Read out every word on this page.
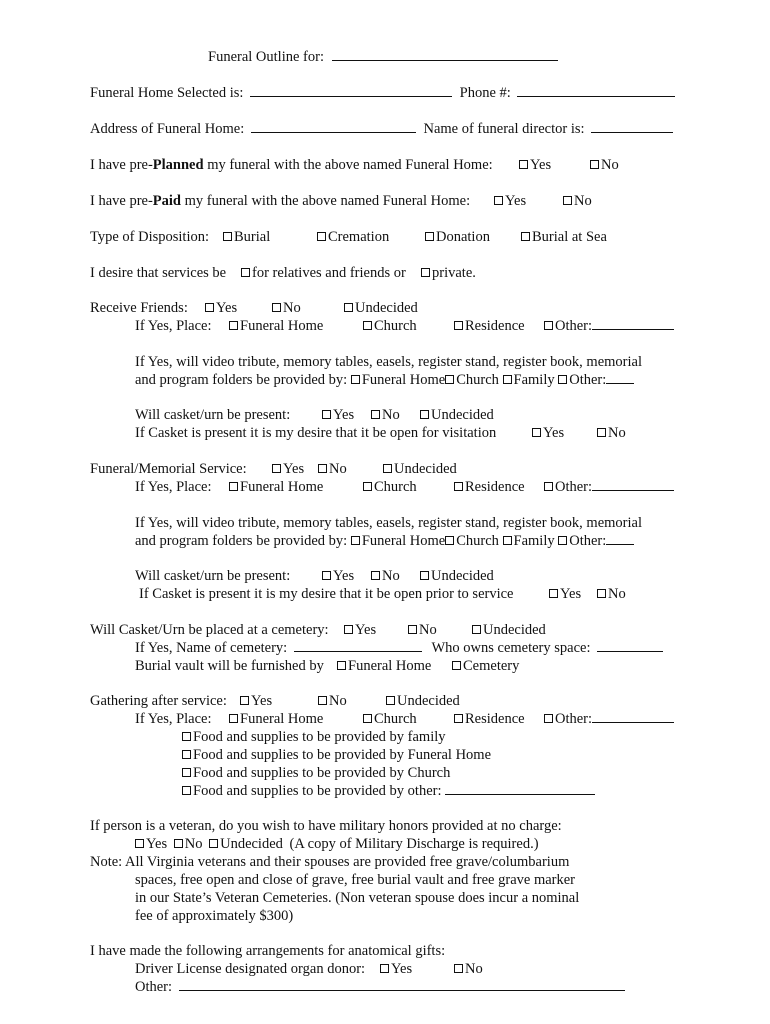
Funeral Outline for:
Funeral Home Selected is:	Phone #:
Address of Funeral Home:	Name of funeral director is:
I have pre-Planned my funeral with the above named Funeral Home:	Yes	No
I have pre-Paid my funeral with the above named Funeral Home:	Yes	No
Type of Disposition:	Burial	Cremation	Donation	Burial at Sea
I desire that services be	for relatives and friends or	private.
Receive Friends:	Yes	No	Undecided
If Yes, Place:	Funeral Home	Church	Residence	Other:
If Yes, will video tribute, memory tables, easels, register stand, register book, memorial
and program folders be provided by: Funeral Home Church Family Other:
Will casket/urn be present:	Yes	No	Undecided
If Casket is present it is my desire that it be open for visitation	Yes	No
Funeral/Memorial Service:	Yes	No	Undecided
If Yes, Place:	Funeral Home	Church	Residence	Other:
If Yes, will video tribute, memory tables, easels, register stand, register book, memorial
and program folders be provided by: Funeral Home Church Family Other:
Will casket/urn be present:	Yes	No	Undecided
If Casket is present it is my desire that it be open prior to service	Yes	No
Will Casket/Urn be placed at a cemetery:	Yes	No	Undecided
If Yes, Name of cemetery:	Who owns cemetery space:
Burial vault will be furnished by	Funeral Home	Cemetery
Gathering after service:	Yes	No	Undecided
If Yes, Place:	Funeral Home	Church	Residence	Other:
Food and supplies to be provided by family
Food and supplies to be provided by Funeral Home
Food and supplies to be provided by Church
Food and supplies to be provided by other:
If person is a veteran, do you wish to have military honors provided at no charge:
Yes No Undecided (A copy of Military Discharge is required.)
Note: All Virginia veterans and their spouses are provided free grave/columbarium
spaces, free open and close of grave, free burial vault and free grave marker
in our State’s Veteran Cemeteries. (Non veteran spouse does incur a nominal
fee of approximately $300)
I have made the following arrangements for anatomical gifts:
Driver License designated organ donor:	Yes	No
Other:
